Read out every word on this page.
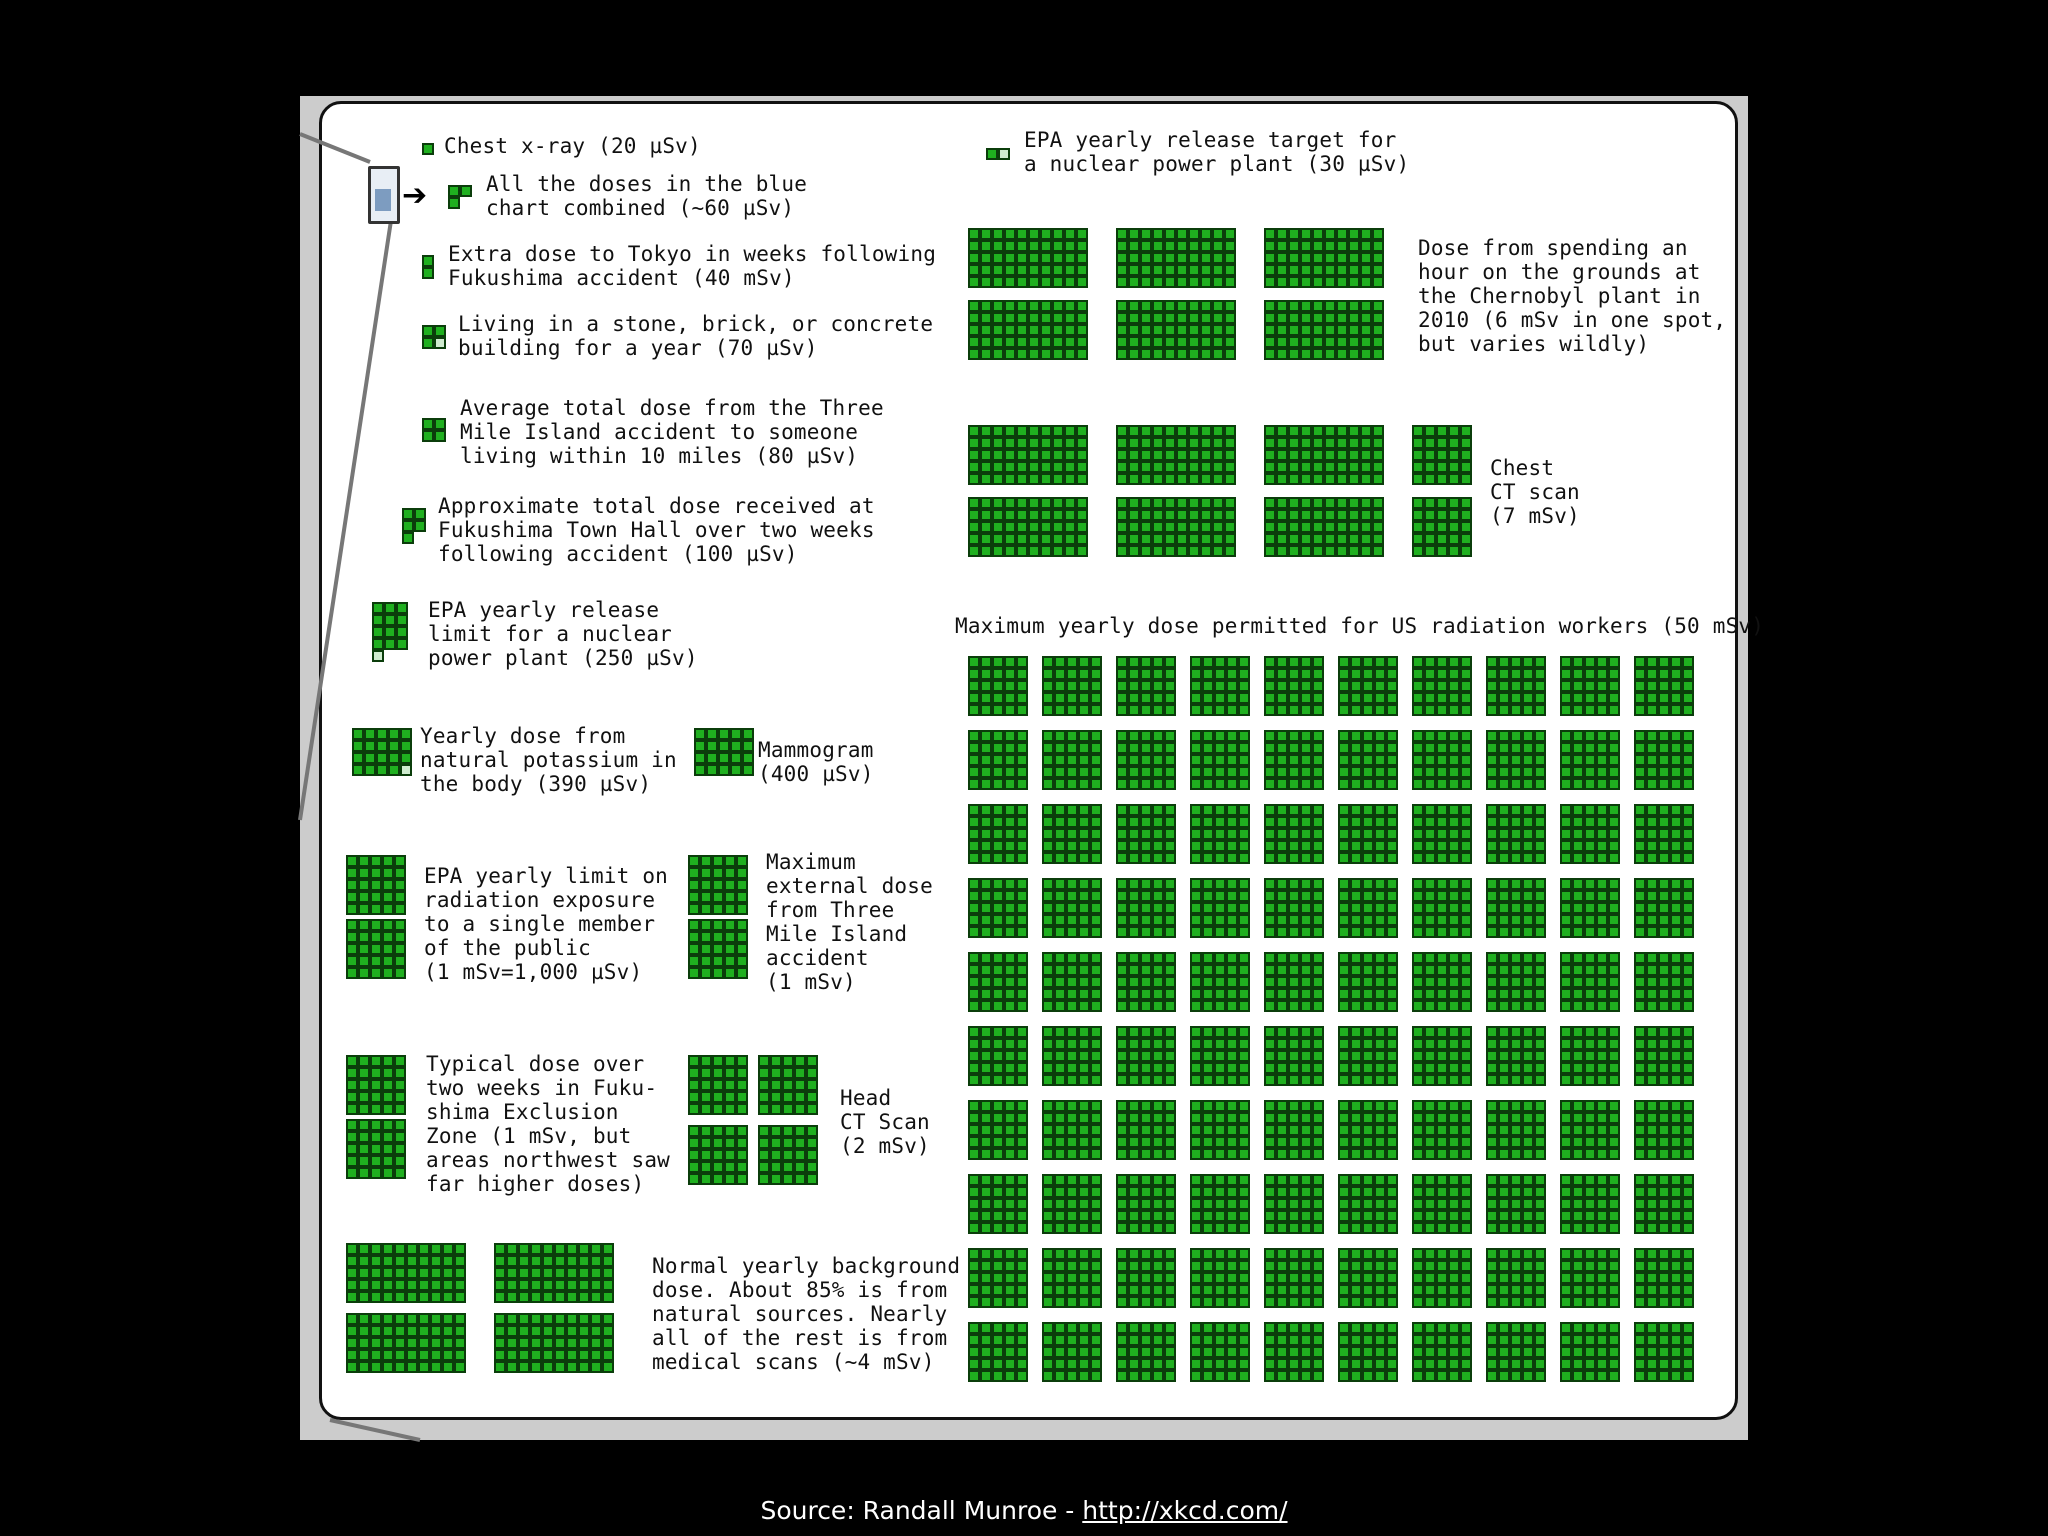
➔
Chest x-ray (20 µSv)
All the doses in the blue
chart combined (~60 µSv)
Extra dose to Tokyo in weeks following
Fukushima accident (40 mSv)
Living in a stone, brick, or concrete
building for a year (70 µSv)
Average total dose from the Three
Mile Island accident to someone
living within 10 miles (80 µSv)
Approximate total dose received at
Fukushima Town Hall over two weeks
following accident (100 µSv)
EPA yearly release
limit for a nuclear
power plant (250 µSv)
Yearly dose from
natural potassium in
the body (390 µSv)
Mammogram
(400 µSv)
EPA yearly limit on
radiation exposure
to a single member
of the public
(1 mSv=1,000 µSv)
Maximum
external dose
from Three
Mile Island
accident
(1 mSv)
Typical dose over
two weeks in Fuku-
shima Exclusion
Zone (1 mSv, but
areas northwest saw
far higher doses)
Head
CT Scan
(2 mSv)
Normal yearly background
dose. About 85% is from
natural sources. Nearly
all of the rest is from
medical scans (~4 mSv)
EPA yearly release target for
a nuclear power plant (30 µSv)
Dose from spending an
hour on the grounds at
the Chernobyl plant in
2010 (6 mSv in one spot,
but varies wildly)
Chest
CT scan
(7 mSv)
Maximum yearly dose permitted for US radiation workers (50 mSv)
Source: Randall Munroe - http://xkcd.com/
